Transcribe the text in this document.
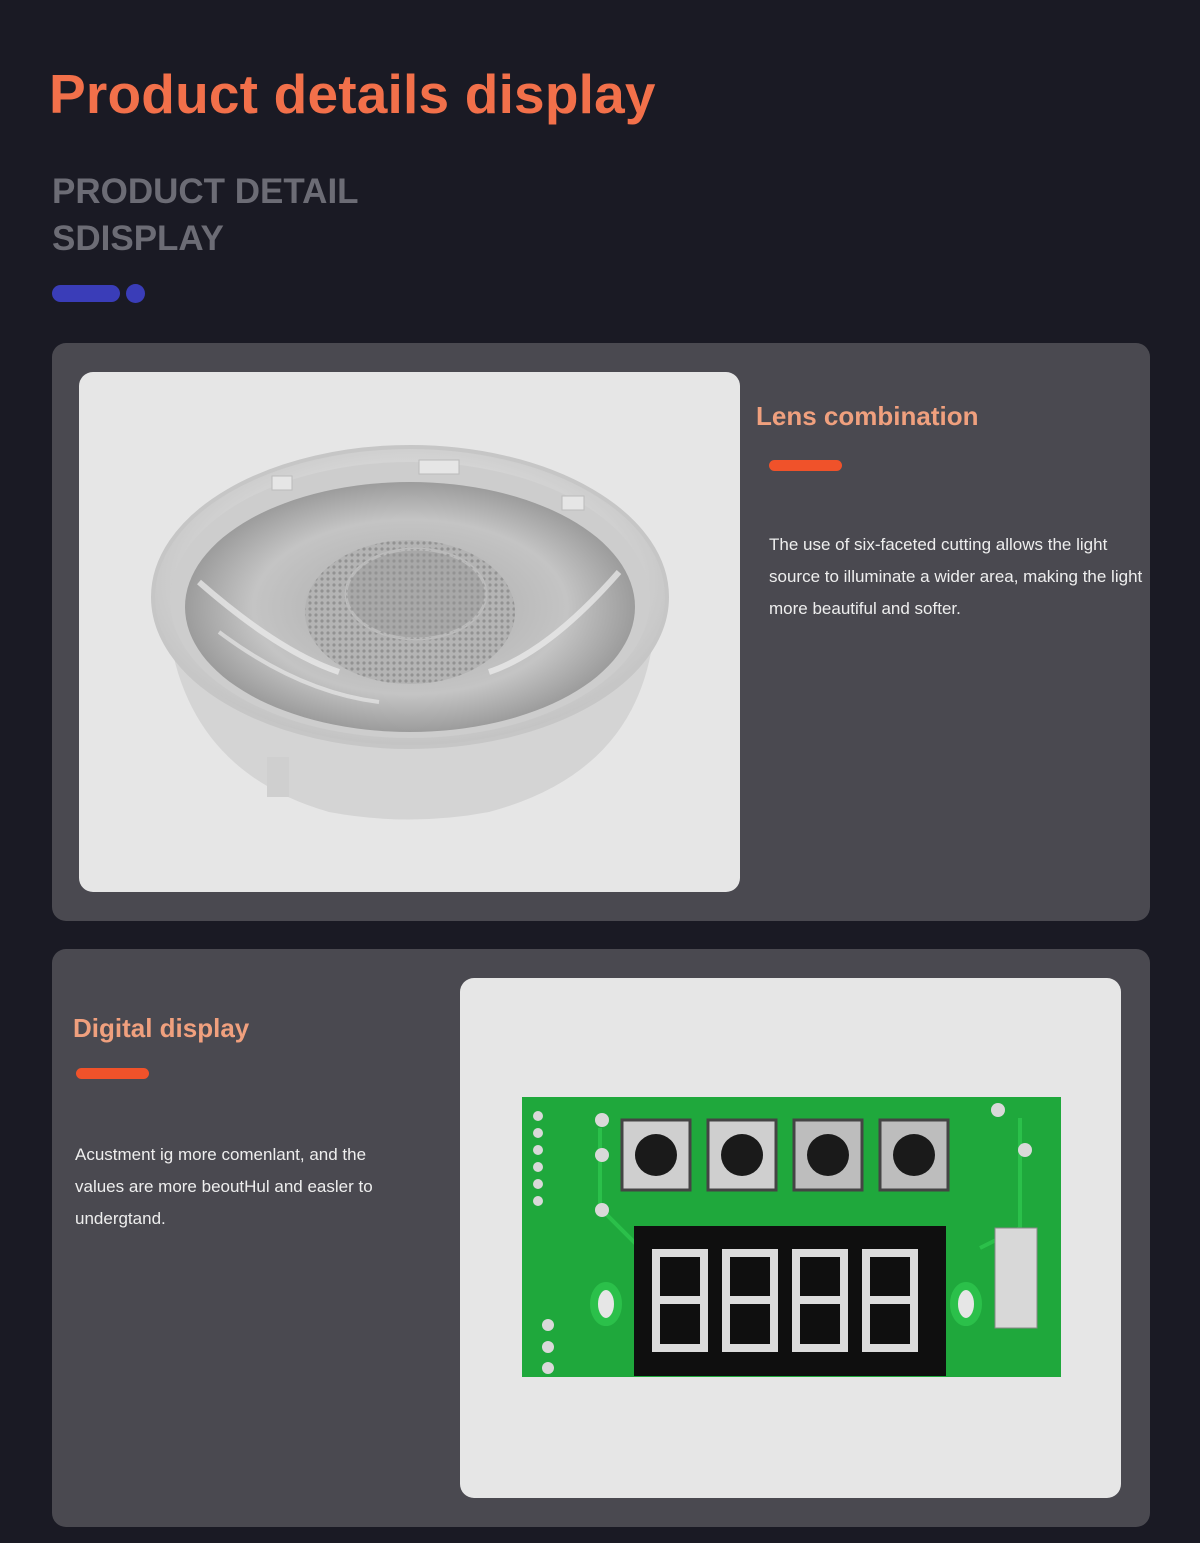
Product details display
PRODUCT DETAIL
SDISPLAY
Lens combination

The use of six-faceted cutting allows the light source to illuminate a wider area, making the light more beautiful and softer.

Digital display

Acustment ig more comenlant, and the values are more beoutHul and easler to undergtand.
